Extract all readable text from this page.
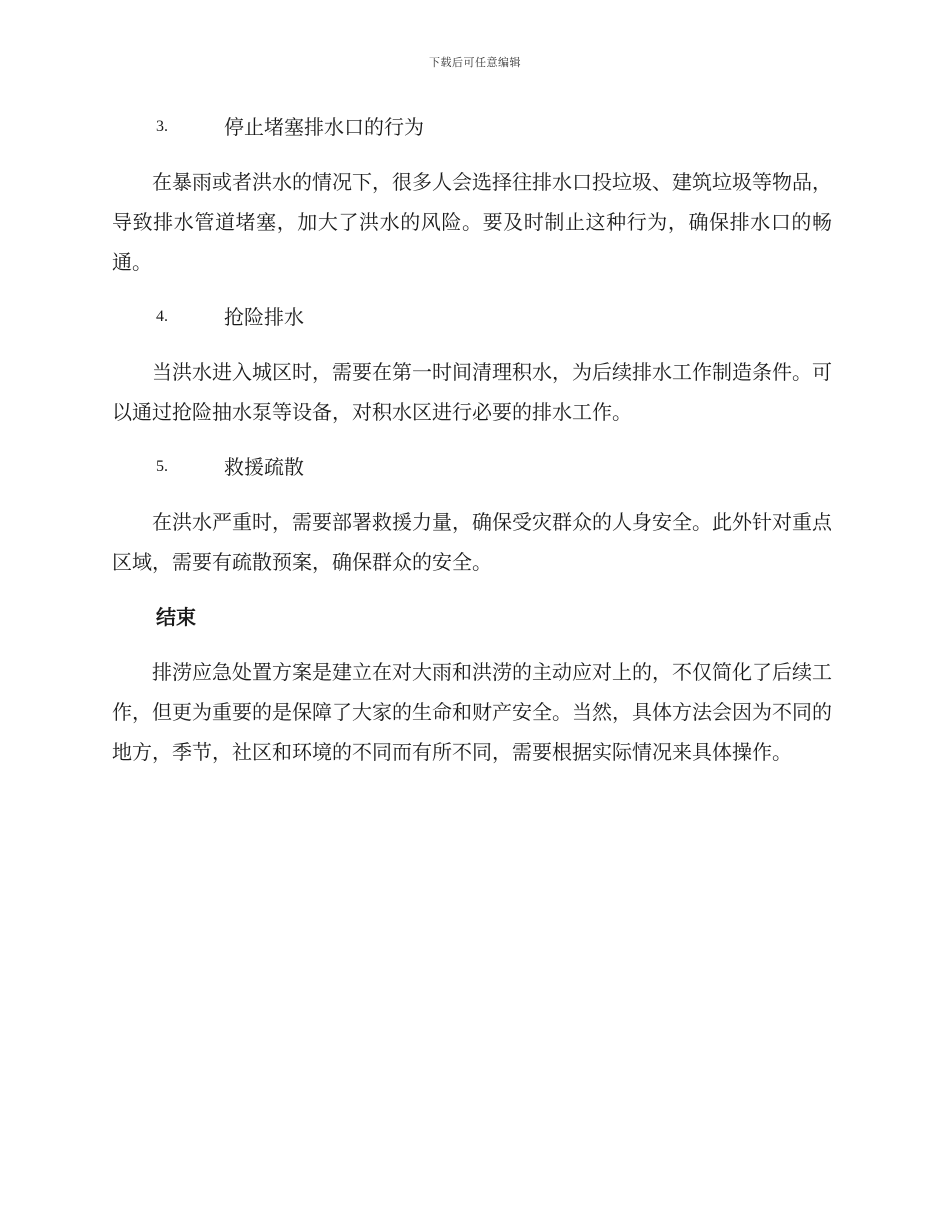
下载后可任意编辑
3.	停止堵塞排水口的行为

在暴雨或者洪水的情况下，很多人会选择往排水口投垃圾、建筑垃圾等物品，导致排水管道堵塞，加大了洪水的风险。要及时制止这种行为，确保排水口的畅通。

4.	抢险排水

当洪水进入城区时，需要在第一时间清理积水，为后续排水工作制造条件。可以通过抢险抽水泵等设备，对积水区进行必要的排水工作。

5.	救援疏散

在洪水严重时，需要部署救援力量，确保受灾群众的人身安全。此外针对重点区域，需要有疏散预案，确保群众的安全。

结束

排涝应急处置方案是建立在对大雨和洪涝的主动应对上的，不仅简化了后续工作，但更为重要的是保障了大家的生命和财产安全。当然，具体方法会因为不同的地方，季节，社区和环境的不同而有所不同，需要根据实际情况来具体操作。
